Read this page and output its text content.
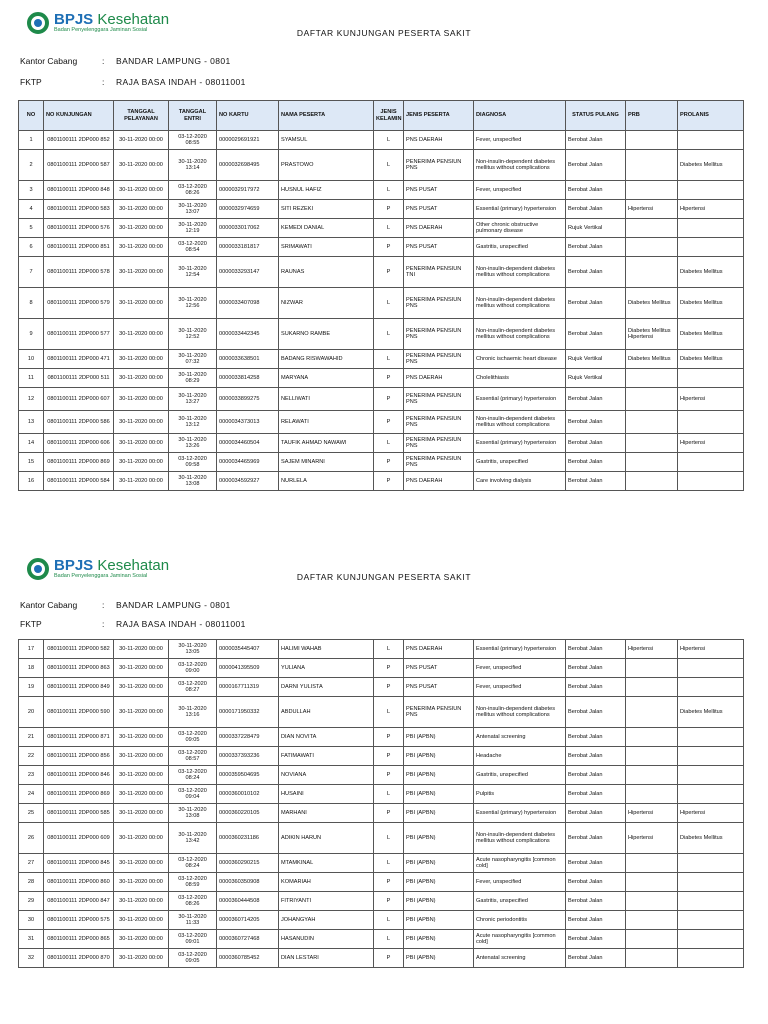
BPJS Kesehatan
Badan Penyelenggara Jaminan Sosial	DAFTAR KUNJUNGAN PESERTA SAKIT
Kantor Cabang	:	BANDAR LAMPUNG - 0801
FKTP	:	RAJA BASA INDAH - 08011001
NO	NO KUNJUNGAN	TANGGAL PELAYANAN	TANGGAL ENTRI	NO KARTU	NAMA PESERTA	JENIS KELAMIN	JENIS PESERTA	DIAGNOSA	STATUS PULANG	PRB	PROLANIS
1	0801100111 2DP000 852	30-11-2020 00:00	03-12-2020 08:55	0000029691921	SYAMSUL	L	PNS DAERAH	Fever, unspecified	Berobat Jalan		
2	0801100111 2DP000 587	30-11-2020 00:00	30-11-2020 13:14	0000032698495	PRASTOWO	L	PENERIMA PENSIUN PNS	Non-insulin-dependent diabetes mellitus without complications	Berobat Jalan		Diabetes Mellitus
3	0801100111 2DP000 848	30-11-2020 00:00	03-12-2020 08:26	0000032917972	HUSNUL HAFIZ	L	PNS PUSAT	Fever, unspecified	Berobat Jalan		
4	0801100111 2DP000 583	30-11-2020 00:00	30-11-2020 13:07	0000032974659	SITI REZEKI	P	PNS PUSAT	Essential (primary) hypertension	Berobat Jalan	Hipertensi	Hipertensi
5	0801100111 2DP000 576	30-11-2020 00:00	30-11-2020 12:19	0000033017062	KEMEDI DANIAL	L	PNS DAERAH	Other chronic obstructive pulmonary disease	Rujuk Vertikal		
6	0801100111 2DP000 851	30-11-2020 00:00	03-12-2020 08:54	0000033181817	SRIMAWATI	P	PNS PUSAT	Gastritis, unspecified	Berobat Jalan		
7	0801100111 2DP000 578	30-11-2020 00:00	30-11-2020 12:54	0000033293147	RAUNAS	P	PENERIMA PENSIUN TNI	Non-insulin-dependent diabetes mellitus without complications	Berobat Jalan		Diabetes Mellitus
8	0801100111 2DP000 579	30-11-2020 00:00	30-11-2020 12:56	0000033407098	NIZWAR	L	PENERIMA PENSIUN PNS	Non-insulin-dependent diabetes mellitus without complications	Berobat Jalan	Diabetes Mellitus	Diabetes Mellitus
9	0801100111 2DP000 577	30-11-2020 00:00	30-11-2020 12:52	0000033442345	SUKARNO RAMBE	L	PENERIMA PENSIUN PNS	Non-insulin-dependent diabetes mellitus without complications	Berobat Jalan	Diabetes Mellitus Hipertensi	Diabetes Mellitus
10	0801100111 2DP000 471	30-11-2020 00:00	30-11-2020 07:32	0000033638501	BADANG RISWAWAHID	L	PENERIMA PENSIUN PNS	Chronic ischaemic heart disease	Rujuk Vertikal	Diabetes Mellitus	Diabetes Mellitus
11	0801100111 2DP000 511	30-11-2020 00:00	30-11-2020 08:29	0000033814258	MARYANA	P	PNS DAERAH	Cholelithiasis	Rujuk Vertikal		
12	0801100111 2DP000 607	30-11-2020 00:00	30-11-2020 13:27	0000033899275	NELLIWATI	P	PENERIMA PENSIUN PNS	Essential (primary) hypertension	Berobat Jalan		Hipertensi
13	0801100111 2DP000 586	30-11-2020 00:00	30-11-2020 13:12	0000034373013	RELAWATI	P	PENERIMA PENSIUN PNS	Non-insulin-dependent diabetes mellitus without complications	Berobat Jalan		
14	0801100111 2DP000 606	30-11-2020 00:00	30-11-2020 13:26	0000034460504	TAUFIK AHMAD NAWAWI	L	PENERIMA PENSIUN PNS	Essential (primary) hypertension	Berobat Jalan		Hipertensi
15	0801100111 2DP000 869	30-11-2020 00:00	03-12-2020 09:58	0000034465969	SAJEM MINARNI	P	PENERIMA PENSIUN PNS	Gastritis, unspecified	Berobat Jalan		
16	0801100111 2DP000 584	30-11-2020 00:00	30-11-2020 13:08	0000034592927	NURLELA	P	PNS DAERAH	Care involving dialysis	Berobat Jalan		
BPJS Kesehatan
Badan Penyelenggara Jaminan Sosial	DAFTAR KUNJUNGAN PESERTA SAKIT
Kantor Cabang	:	BANDAR LAMPUNG - 0801
FKTP	:	RAJA BASA INDAH - 08011001
17	0801100111 2DP000 582	30-11-2020 00:00	30-11-2020 13:05	0000035445407	HALIMI WAHAB	L	PNS DAERAH	Essential (primary) hypertension	Berobat Jalan	Hipertensi	Hipertensi
18	0801100111 2DP000 863	30-11-2020 00:00	03-12-2020 09:00	0000041395509	YULIANA	P	PNS PUSAT	Fever, unspecified	Berobat Jalan		
19	0801100111 2DP000 849	30-11-2020 00:00	03-12-2020 08:27	0000167711319	DARNI YULISTA	P	PNS PUSAT	Fever, unspecified	Berobat Jalan		
20	0801100111 2DP000 590	30-11-2020 00:00	30-11-2020 13:16	0000171950332	ABDULLAH	L	PENERIMA PENSIUN PNS	Non-insulin-dependent diabetes mellitus without complications	Berobat Jalan		Diabetes Mellitus
21	0801100111 2DP000 871	30-11-2020 00:00	03-12-2020 09:05	0000337228479	DIAN NOVITA	P	PBI (APBN)	Antenatal screening	Berobat Jalan		
22	0801100111 2DP000 856	30-11-2020 00:00	03-12-2020 08:57	0000337393236	FATIMAWATI	P	PBI (APBN)	Headache	Berobat Jalan		
23	0801100111 2DP000 846	30-11-2020 00:00	03-12-2020 08:24	0000359504695	NOVIANA	P	PBI (APBN)	Gastritis, unspecified	Berobat Jalan		
24	0801100111 2DP000 869	30-11-2020 00:00	03-12-2020 09:04	0000360010102	HUSAINI	L	PBI (APBN)	Pulpitis	Berobat Jalan		
25	0801100111 2DP000 585	30-11-2020 00:00	30-11-2020 13:08	0000360220105	MARHANI	P	PBI (APBN)	Essential (primary) hypertension	Berobat Jalan	Hipertensi	Hipertensi
26	0801100111 2DP000 609	30-11-2020 00:00	30-11-2020 13:42	0000360231186	ADIKIN HARUN	L	PBI (APBN)	Non-insulin-dependent diabetes mellitus without complications	Berobat Jalan	Hipertensi	Diabetes Mellitus
27	0801100111 2DP000 845	30-11-2020 00:00	03-12-2020 08:24	0000360290215	MTAMKINAL	L	PBI (APBN)	Acute nasopharyngitis [common cold]	Berobat Jalan		
28	0801100111 2DP000 860	30-11-2020 00:00	03-12-2020 08:59	0000360350908	KOMARIAH	P	PBI (APBN)	Fever, unspecified	Berobat Jalan		
29	0801100111 2DP000 847	30-11-2020 00:00	03-12-2020 08:26	0000360444508	FITRIYANTI	P	PBI (APBN)	Gastritis, unspecified	Berobat Jalan		
30	0801100111 2DP000 575	30-11-2020 00:00	30-11-2020 11:33	0000360714205	JOHANGYAH	L	PBI (APBN)	Chronic periodontitis	Berobat Jalan		
31	0801100111 2DP000 865	30-11-2020 00:00	03-12-2020 09:01	0000360727468	HASANUDIN	L	PBI (APBN)	Acute nasopharyngitis [common cold]	Berobat Jalan		
32	0801100111 2DP000 870	30-11-2020 00:00	03-12-2020 09:05	0000360785452	DIAN LESTARI	P	PBI (APBN)	Antenatal screening	Berobat Jalan		
